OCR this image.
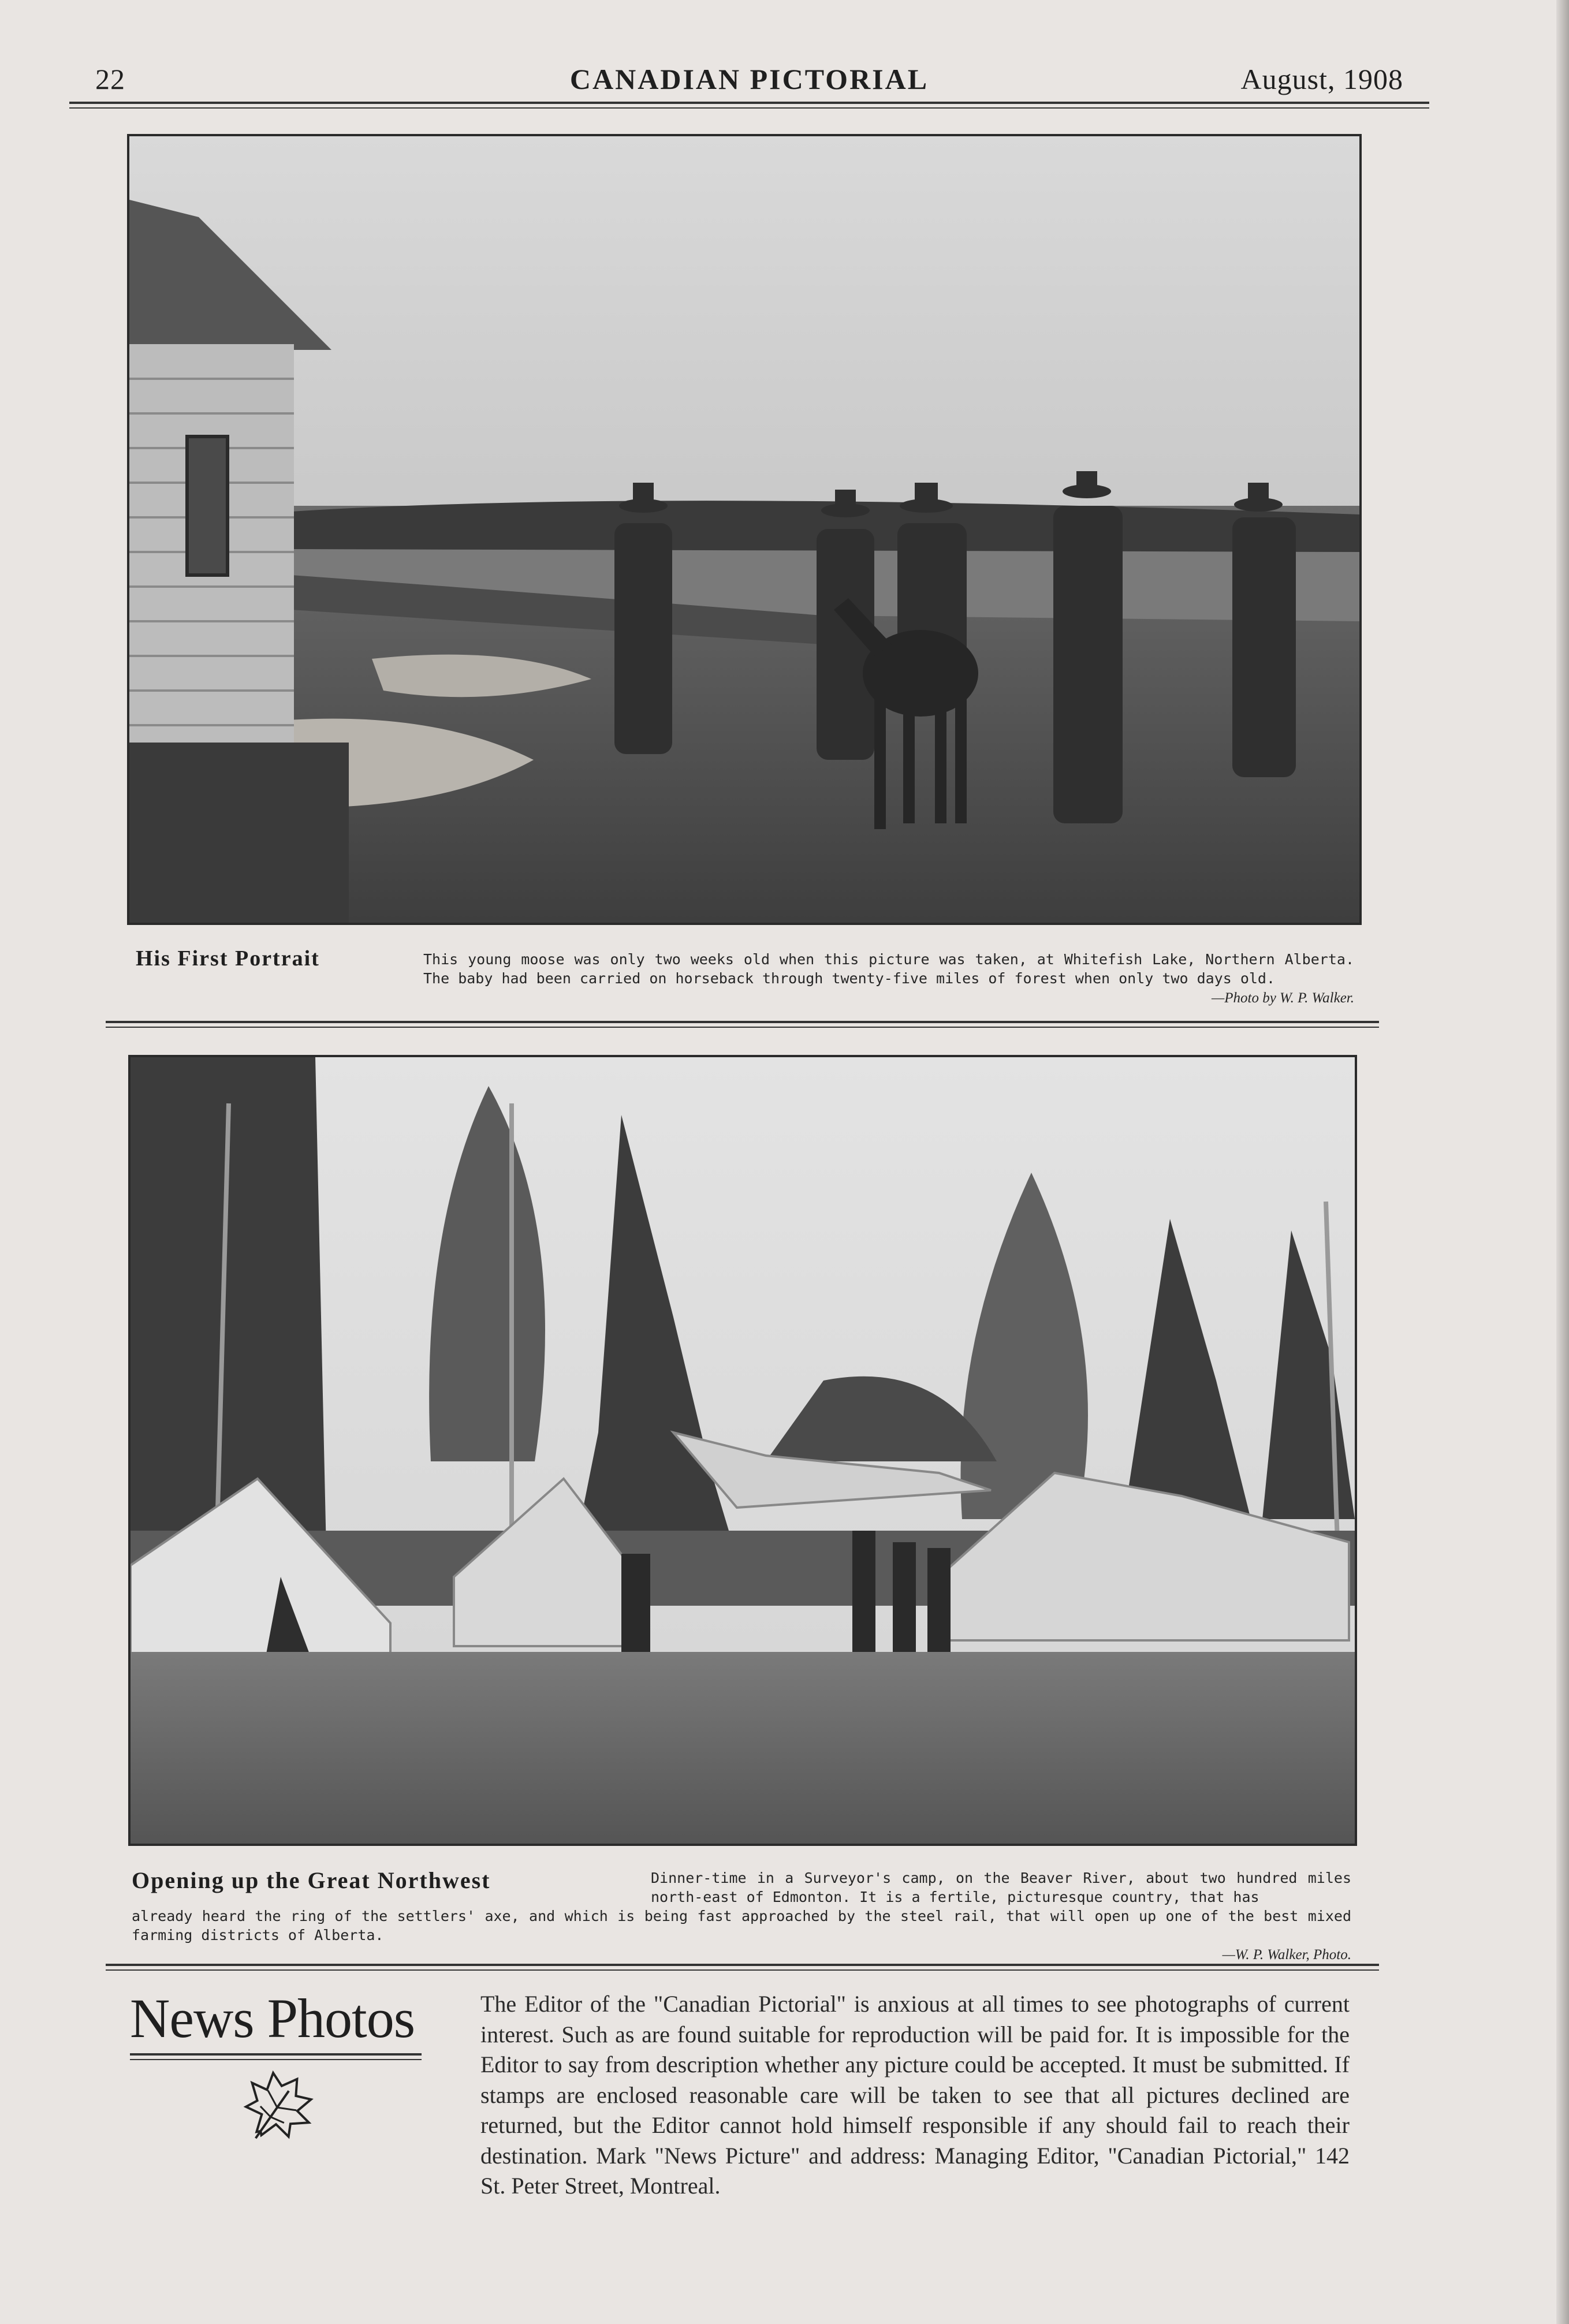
22	CANADIAN PICTORIAL	August, 1908
His First Portrait	This young moose was only two weeks old when this picture was taken, at Whitefish Lake, Northern Alberta. The baby had been carried on horseback through twenty-five miles of forest when only two days old.
—Photo by W. P. Walker.
Opening up the Great Northwest	Dinner-time in a Surveyor's camp, on the Beaver River, about two hundred miles north-east of Edmonton. It is a fertile, picturesque country, that has
already heard the ring of the settlers' axe, and which is being fast approached by the steel rail, that will open up one of the best mixed farming districts of Alberta.
—W. P. Walker, Photo.
News Photos	The Editor of the "Canadian Pictorial" is anxious at all times to see photographs of current interest. Such as are found suitable for reproduction will be paid for. It is impossible for the Editor to say from description whether any picture could be accepted. It must be submitted. If stamps are enclosed reasonable care will be taken to see that all pictures declined are returned, but the Editor cannot hold himself responsible if any should fail to reach their destination. Mark "News Picture" and address: Managing Editor, "Canadian Pictorial," 142 St. Peter Street, Montreal.
